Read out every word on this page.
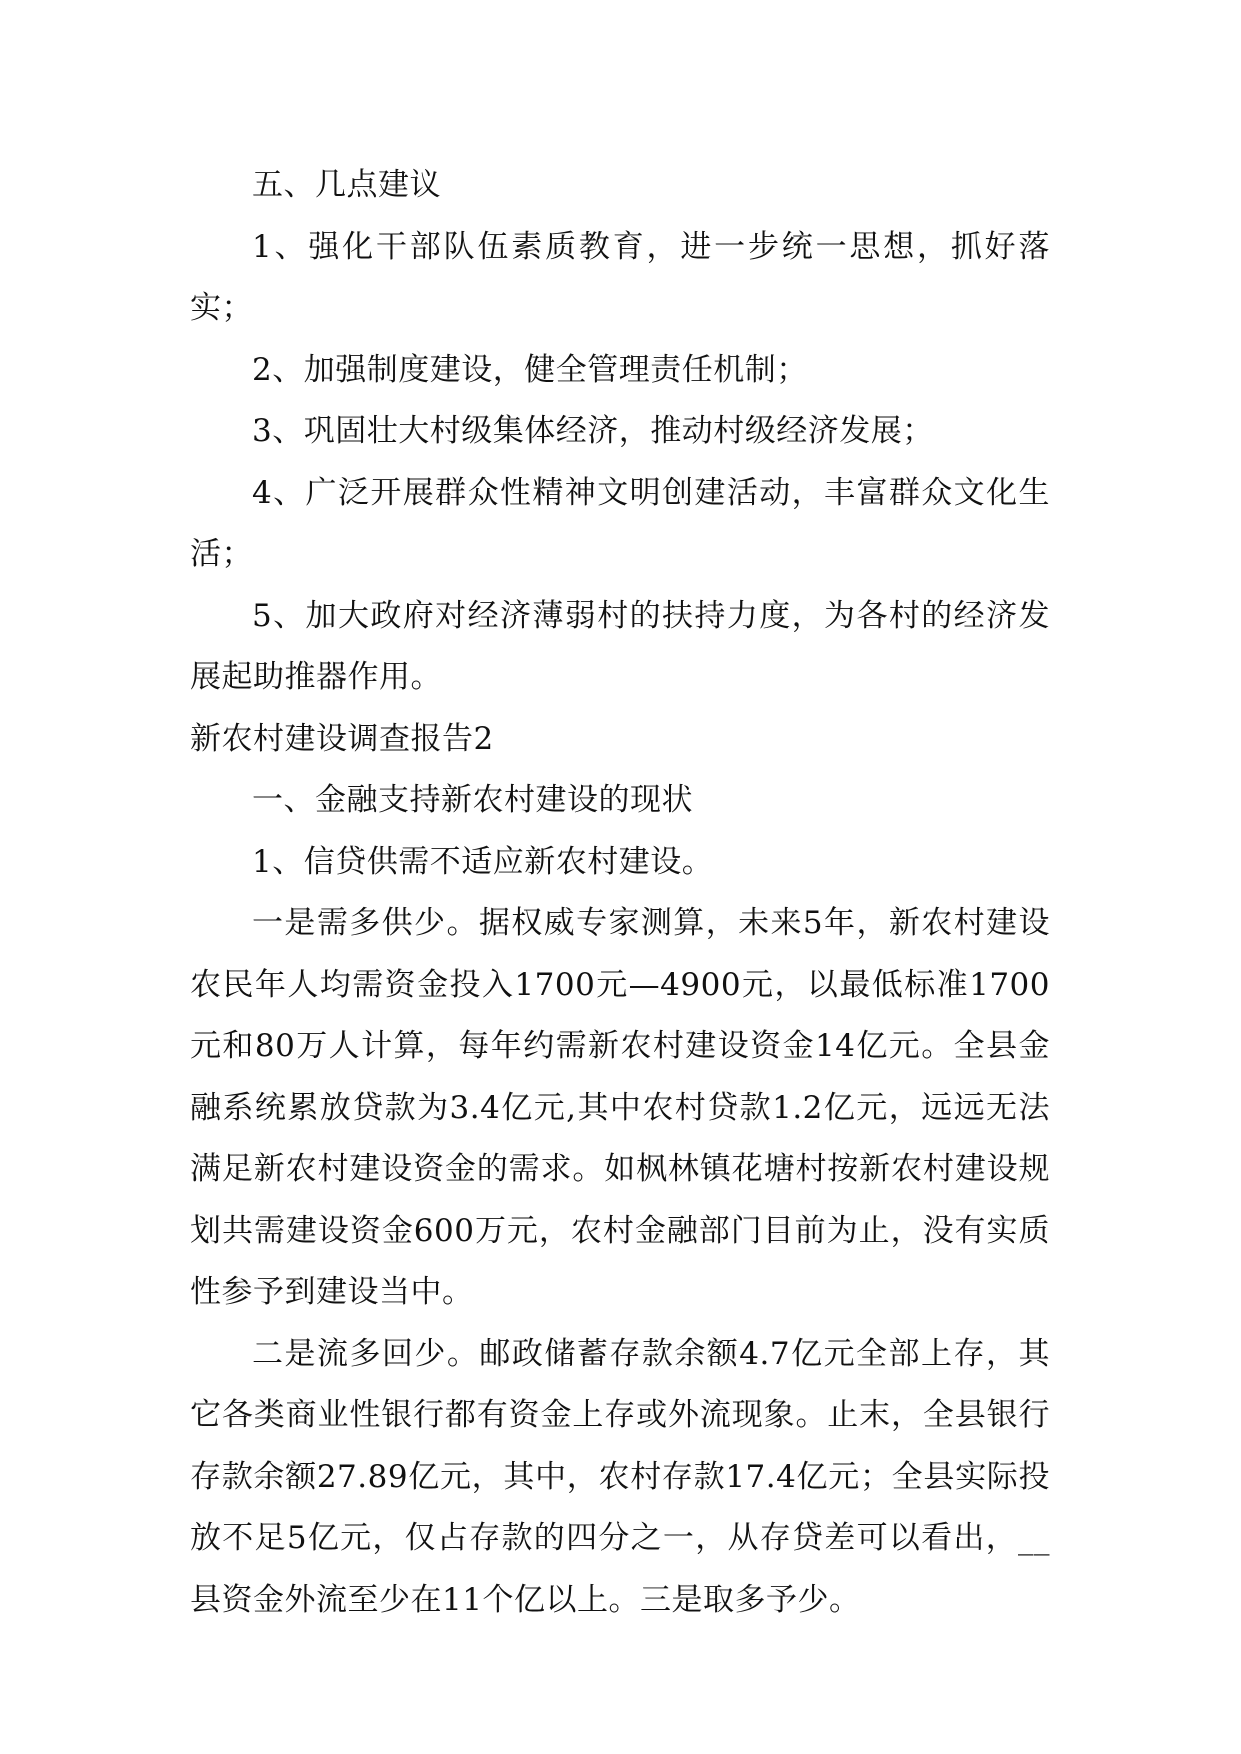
五、几点建议

1、强化干部队伍素质教育，进一步统一思想，抓好落实；

2、加强制度建设，健全管理责任机制；

3、巩固壮大村级集体经济，推动村级经济发展；

4、广泛开展群众性精神文明创建活动，丰富群众文化生活；

5、加大政府对经济薄弱村的扶持力度，为各村的经济发展起助推器作用。

新农村建设调查报告2

一、金融支持新农村建设的现状

1、信贷供需不适应新农村建设。

一是需多供少。据权威专家测算，未来5年，新农村建设农民年人均需资金投入1700元—4900元，以最低标准1700元和80万人计算，每年约需新农村建设资金14亿元。全县金融系统累放贷款为3.4亿元,其中农村贷款1.2亿元，远远无法满足新农村建设资金的需求。如枫林镇花塘村按新农村建设规划共需建设资金600万元，农村金融部门目前为止，没有实质性参予到建设当中。

二是流多回少。邮政储蓄存款余额4.7亿元全部上存，其它各类商业性银行都有资金上存或外流现象。止末，全县银行存款余额27.89亿元，其中，农村存款17.4亿元；全县实际投放不足5亿元，仅占存款的四分之一，从存贷差可以看出，__县资金外流至少在11个亿以上。三是取多予少。
